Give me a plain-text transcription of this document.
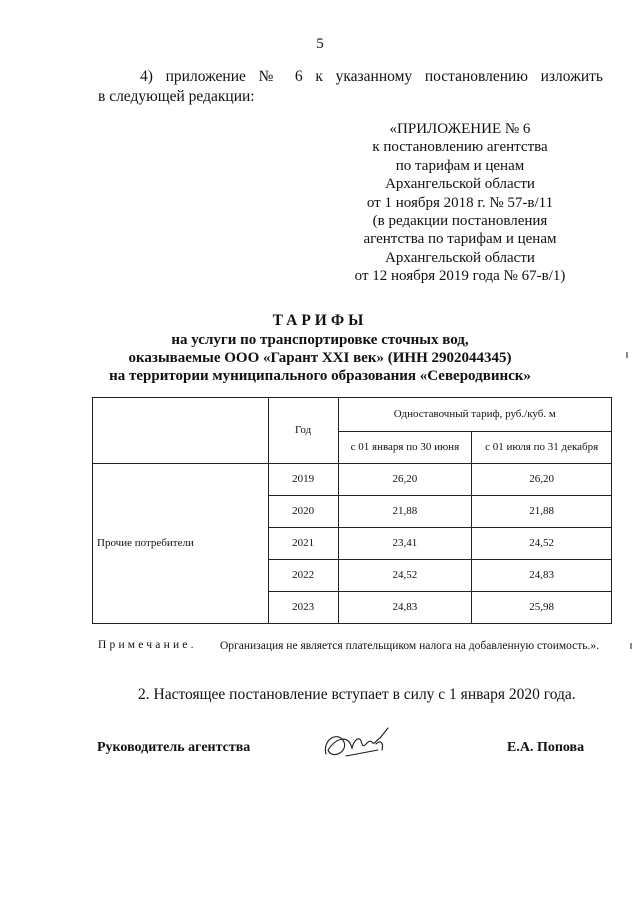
5
4) приложение № 6 к указанному постановлению изложить
в следующей редакции:
«ПРИЛОЖЕНИЕ № 6
к постановлению агентства
по тарифам и ценам
Архангельской области
от 1 ноября 2018 г. № 57-в/11
(в редакции постановления
агентства по тарифам и ценам
Архангельской области
от 12 ноября 2019 года № 67-в/1)
ТАРИФЫ
на услуги по транспортировке сточных вод,
оказываемые ООО «Гарант XXI век» (ИНН 2902044345)
на территории муниципального образования «Северодвинск»
	Год	Одноставочный тариф, руб./куб. м	
		с 01 января по 30 июня	с 01 июля по 31 декабря
Прочие потребители	2019	26,20	26,20
	2020	21,88	21,88
	2021	23,41	24,52
	2022	24,52	24,83
	2023	24,83	25,98
Примечание.	Организация не является плательщиком налога на добавленную стоимость.».
2. Настоящее постановление вступает в силу с 1 января 2020 года.
Руководитель агентства	Е.А. Попова
